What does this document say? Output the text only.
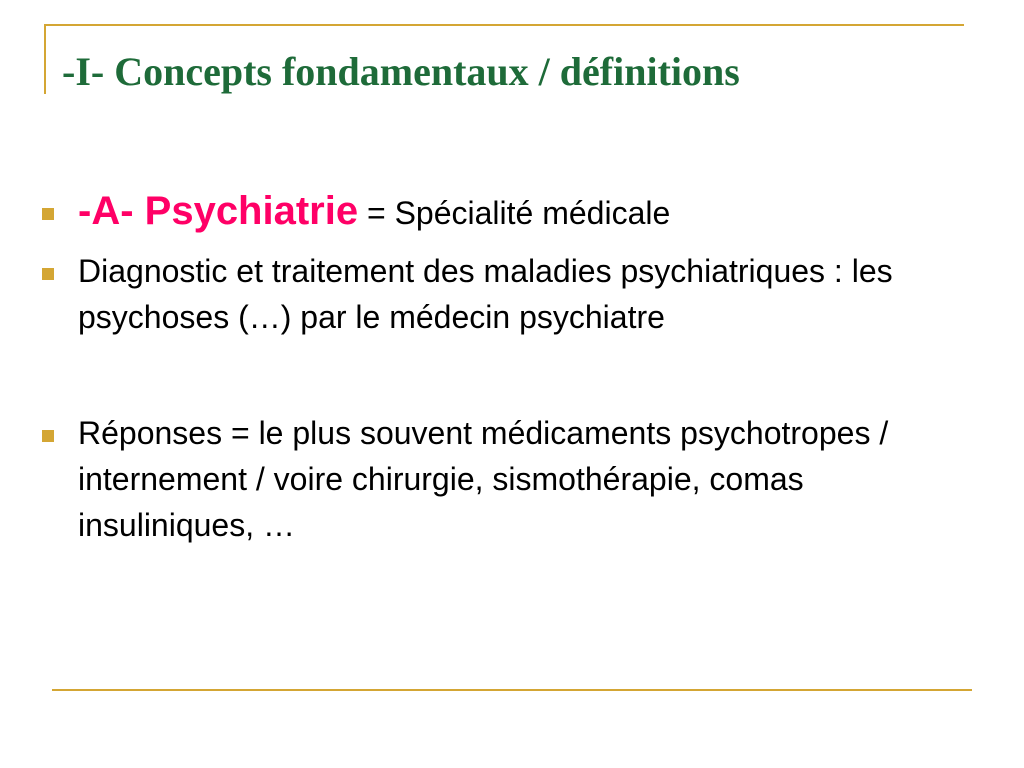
-I- Concepts fondamentaux / définitions
-A- Psychiatrie = Spécialité médicale
Diagnostic et traitement des maladies psychiatriques : les psychoses (…) par le médecin psychiatre
Réponses = le plus souvent médicaments psychotropes / internement / voire chirurgie, sismothérapie, comas insuliniques, …
